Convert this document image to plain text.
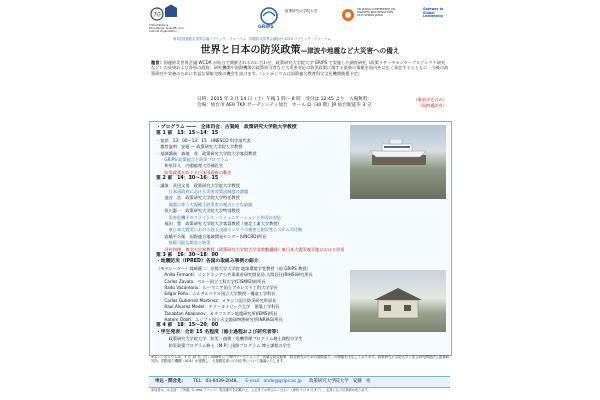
70
United Nations
Educational, Scientific and
Cultural Organization
政策研究大学院大学
GRIPS
UN WORLD CONFERENCE ON
DISASTER RISK REDUCTION
2015 SENDAI JAPAN
Gateway to
Global Leadership
第3回国連防災世界会議パブリック・フォーラム　国連防災世界会議仙台 2015 パブリック・フォーラム
世界と日本の防災政策—津波や地震など大災害への備え
趣旨：国連防災世界会議 WCDR が仙台で開催されるのに合わせ、政策研究大学院大学 GRIPS で実施した調査研究（政策リサーチセンタープロジェクト研究など）の成果および各国の政府、研究機関や国際機関の政策担当者など大災害対応の防災政策に関する最新の情報を国内外に広く発信するとともに、今後の政策研究や実務のために有益な情報交換の機会を設けます。（シンポジウムは国際連合教育科学文化機関後援予定）
日時：2015 年 3 月 14 日（土）午後 1 時～ 8 時　受付は 12:45 より　入場無料	（事前申込のみ）
会場：仙台市 AER TKP ガーデンシティ仙台　ホール D（30 階）JR 仙台駅徒歩 3 分	（同時通訳有）
・プログラム ――　全体司会：古賀純　政策研究大学院大学教授
第 1 部　13：15～14：15
・挨拶　13：00～13：15　UNESCO 科学部代表
　趣旨説明　安藤 ― 政策研究大学院大学教授
・基調講演　森地　茂　政策研究大学院大学客員教授
　　GRIPS 政策提言と防災プログラム
　　和泉洋人　内閣総理大臣補佐官
　　防災政策をめぐる日本国政府の動き
第 2 部　14：30～16：15
・講演：武田文男　政策研究大学院大学教授
　　　日本国政府における災害対策法制度の課題
　　池谷　浩　政策研究大学院大学特任教授
　　　地震に伴う大規模土砂災害の視点と主な取組
　　恒川惠一　政策研究大学院大学特別教授
　　　災害危機下のクライシス・コミュニケーションと外国の対応
　　福田　豊　政策研究大学院大学客員教授（東北工業大学教授）
　　　東日本大震災における陸上交通インフラの被害と耐災性システムの比較
　　高橋平兵衛　国際連合地域開発センター(UNCRD)所長
　　　持続可能な開発と防災
　　河村和徳　東北大学准教授（政策研究大学院大学非常勤講師）東日本大震災被災地における投票
第 3 部　16：30～18：00
・地震防災（IPRED）各国の取組み事例の紹介
（モデレーター）岡崎健二：京都大学大学院 地球環境学堂教授（前 GRIPS 教授）
　　Anita Firmanti：インドネシア公共事業省研究開発局 人間居住(RIHS)研究所長
　　Carlos Zavala：ペルー国立工科大学(CISMID)前所長
　　Radu Vacareanu：ルーマニア国立ブカレスト工科大学学長
　　Edgar Peña：エルサルバドル国立大学教授・構造工学科長
　　Carlos Gutierrez Martinez：メキシコ国立防災研究所部長
　　Raul Alvarez Medel：チリ・カトリック大学　建築工学科長
　　Tanabtan Abakanov：カザフスタン地震研究所(IEMS)所長
　　Hatem Odah：エジプト国立天文地球物理研究所(NRIAG)所長
第 4 部　18：15～20：00
・学生発表：合計 15 名程度（修士過程および研究者等）
　　　政策研究大学院大学　防災・復興・危機管理プログラム修士課程の学生
　　　防災政策プログラム修士（M.P.）国際プログラム 博士課程の学生
※本シンポジウムは、3 月 15 日（日）GRIPS にて専門ワークショップ「的確な防災政策・防災研究のための国際協力」の開催を予定しております。政策研究大学院大学と国立研究開発法人建築研究所、国際協力機構（JICA）が連携し、大規模災害への対応等について議論いたします。
申込・問合先： TEL：03-6439-2048, E-mail：ando@grips.ac.jp 政策研究大学院大学　安藤　宛
参加者は、お名前・ご所属・E-mail アドレス・電話番号を記載の上、上記までお申込みください（締切 3 月 9 日まで）。定員になり次第締め切ります。
